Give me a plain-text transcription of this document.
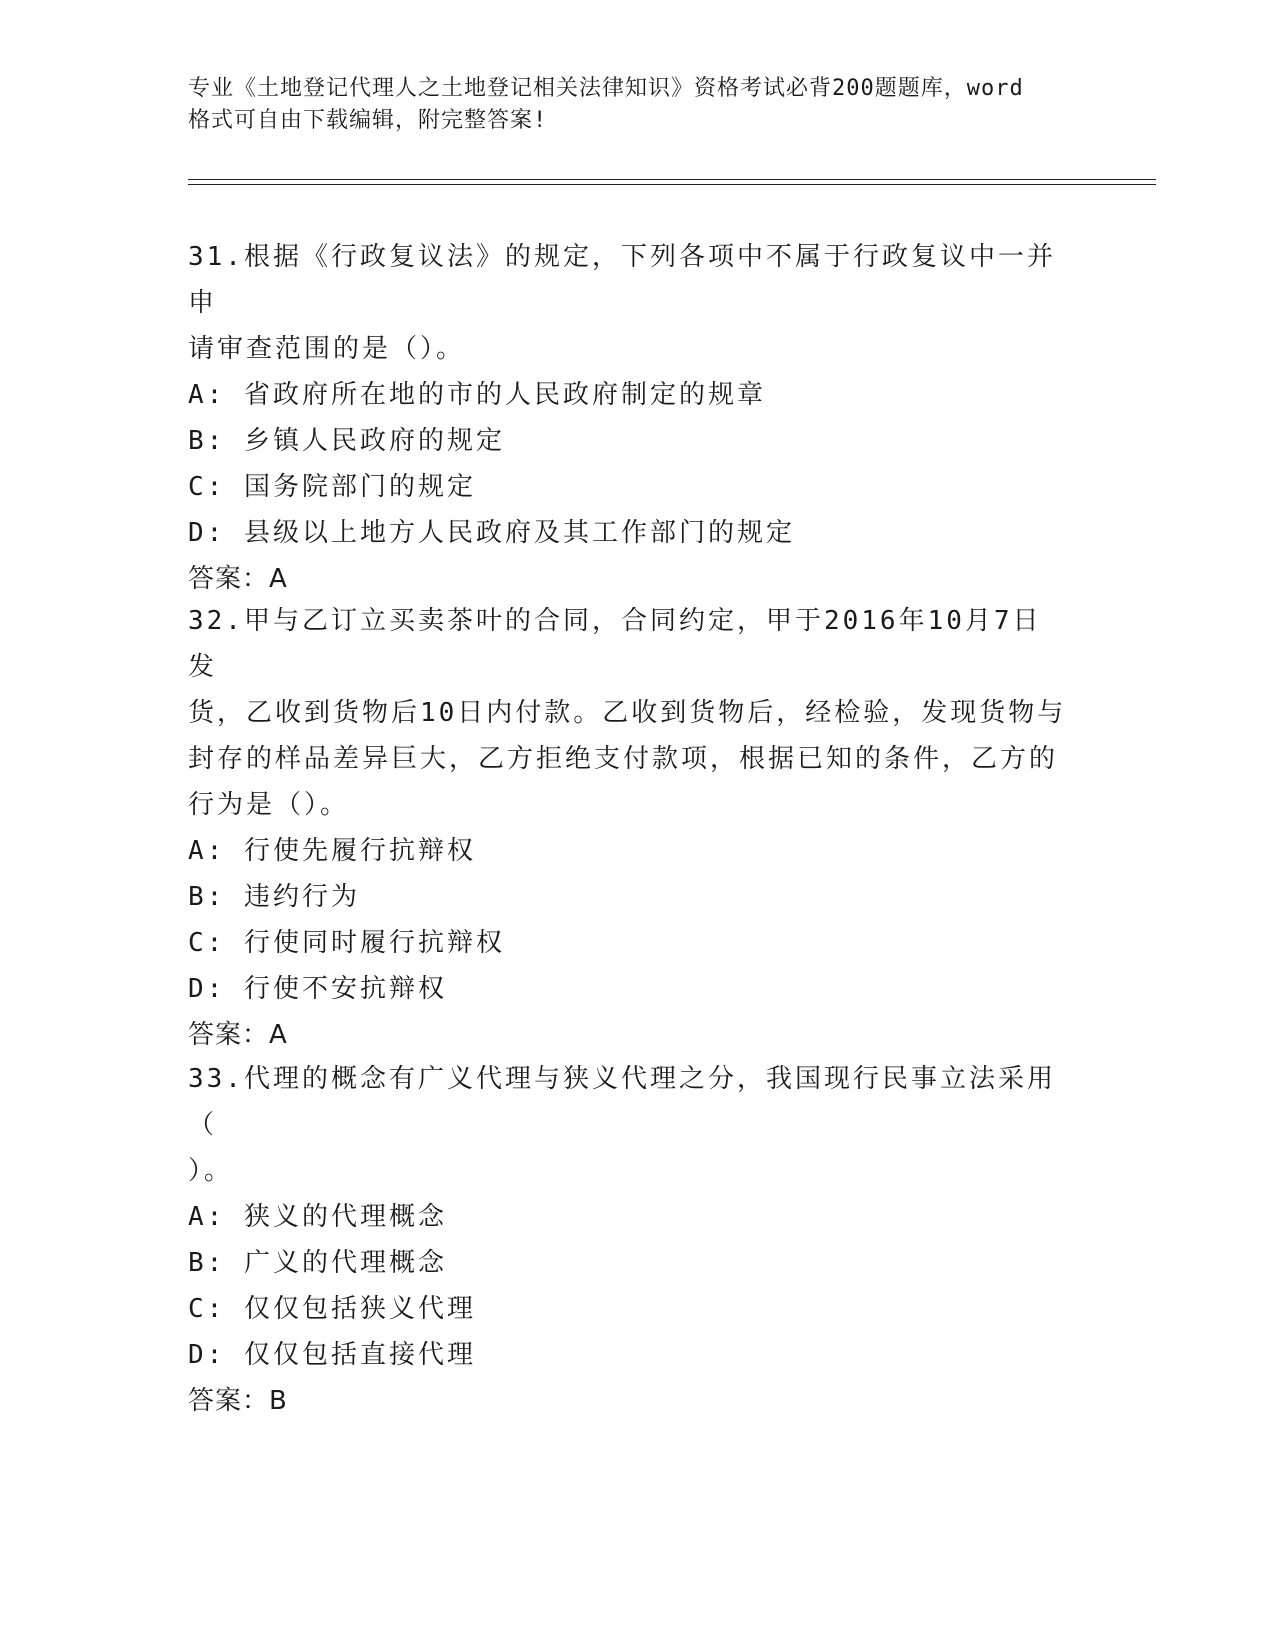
专业《土地登记代理人之土地登记相关法律知识》资格考试必背200题题库，word
格式可自由下载编辑，附完整答案!
31.根据《行政复议法》的规定，下列各项中不属于行政复议中一并申
请审查范围的是（）。
A: 省政府所在地的市的人民政府制定的规章
B: 乡镇人民政府的规定
C: 国务院部门的规定
D: 县级以上地方人民政府及其工作部门的规定
答案：A
32.甲与乙订立买卖茶叶的合同，合同约定，甲于2016年10月7日发
货，乙收到货物后10日内付款。乙收到货物后，经检验，发现货物与
封存的样品差异巨大，乙方拒绝支付款项，根据已知的条件，乙方的
行为是（）。
A: 行使先履行抗辩权
B: 违约行为
C: 行使同时履行抗辩权
D: 行使不安抗辩权
答案：A
33.代理的概念有广义代理与狭义代理之分，我国现行民事立法采用（
）。
A: 狭义的代理概念
B: 广义的代理概念
C: 仅仅包括狭义代理
D: 仅仅包括直接代理
答案：B
